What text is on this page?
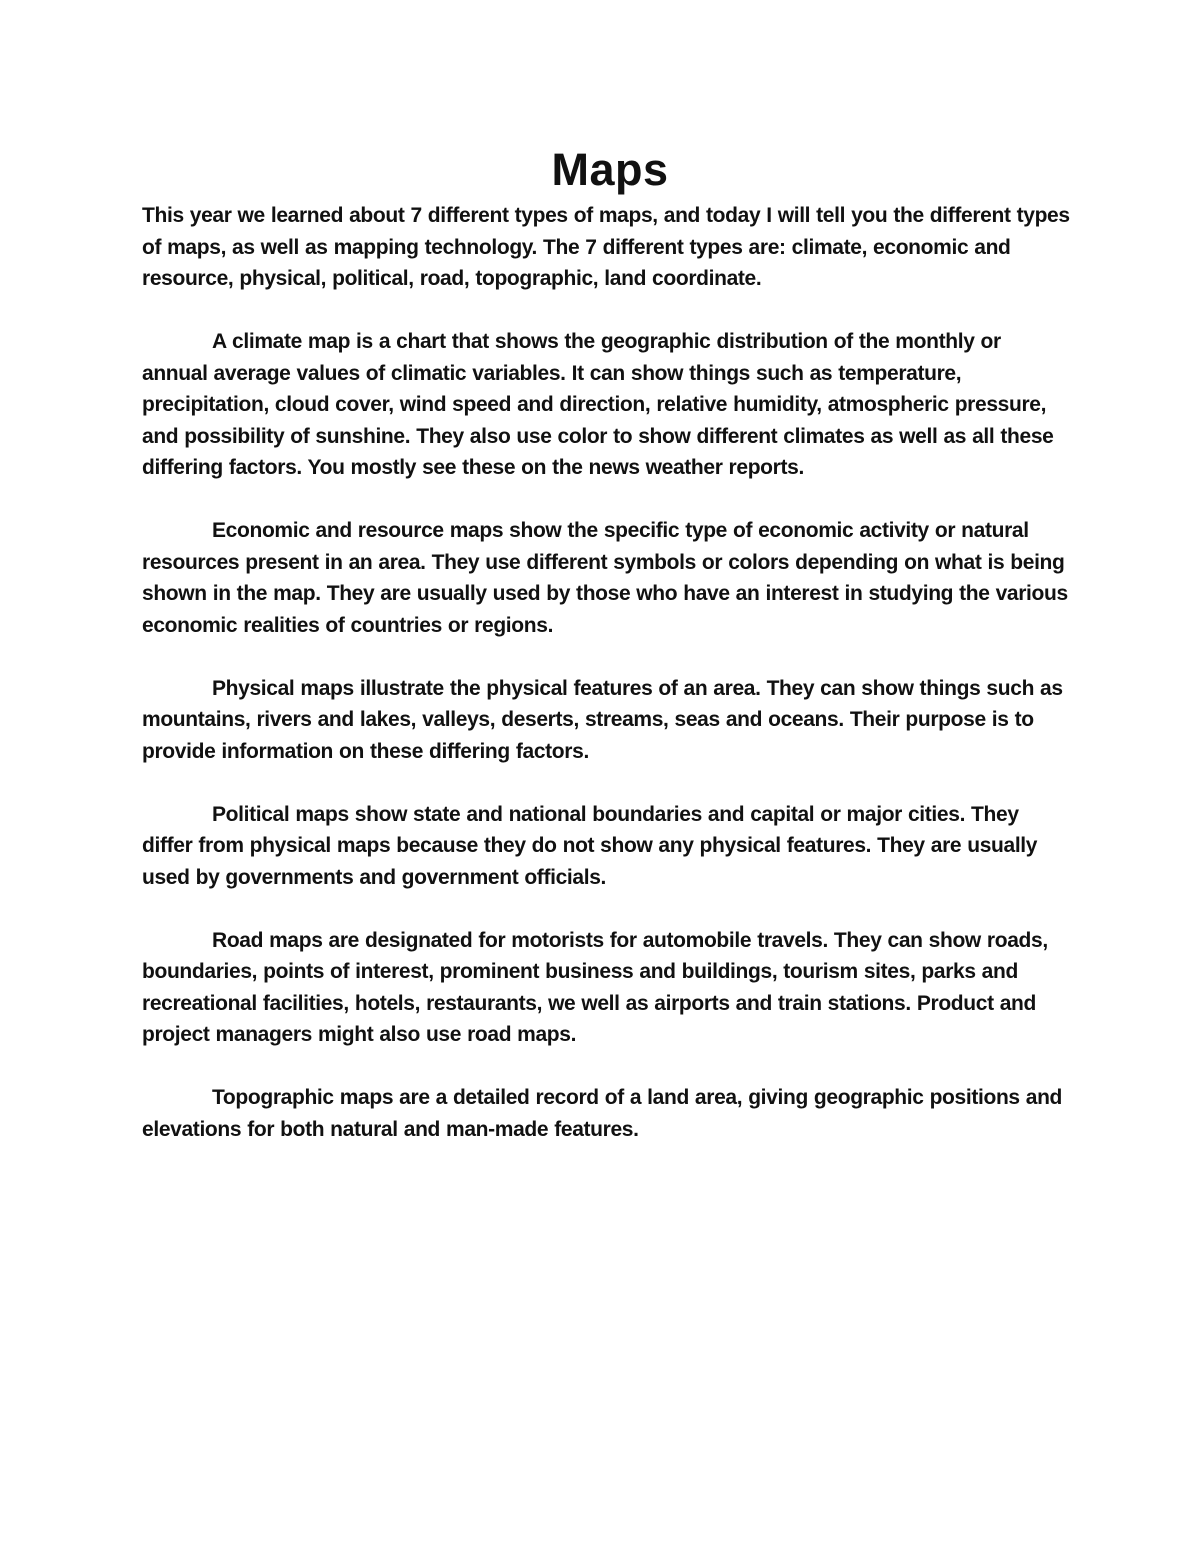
Maps

This year we learned about 7 different types of maps, and today I will tell you the different types of maps, as well as mapping technology. The 7 different types are: climate, economic and resource, physical, political, road, topographic, land coordinate.

A climate map is a chart that shows the geographic distribution of the monthly or annual average values of climatic variables. It can show things such as temperature, precipitation, cloud cover, wind speed and direction, relative humidity, atmospheric pressure, and possibility of sunshine. They also use color to show different climates as well as all these differing factors. You mostly see these on the news weather reports.

Economic and resource maps show the specific type of economic activity or natural resources present in an area. They use different symbols or colors depending on what is being shown in the map. They are usually used by those who have an interest in studying the various economic realities of countries or regions.

Physical maps illustrate the physical features of an area. They can show things such as mountains, rivers and lakes, valleys, deserts, streams, seas and oceans. Their purpose is to provide information on these differing factors.

Political maps show state and national boundaries and capital or major cities. They differ from physical maps because they do not show any physical features. They are usually used by governments and government officials.

Road maps are designated for motorists for automobile travels. They can show roads, boundaries, points of interest, prominent business and buildings, tourism sites, parks and recreational facilities, hotels, restaurants, we well as airports and train stations. Product and project managers might also use road maps.

Topographic maps are a detailed record of a land area, giving geographic positions and elevations for both natural and man-made features.
